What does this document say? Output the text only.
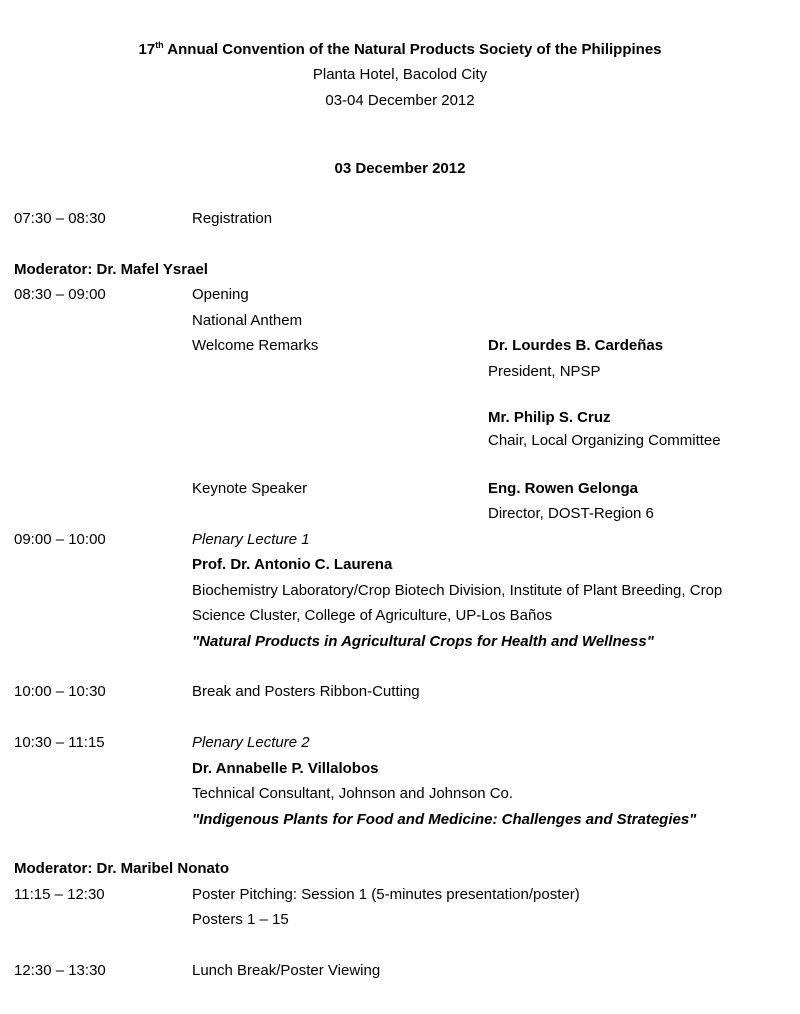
17th Annual Convention of the Natural Products Society of the Philippines
Planta Hotel, Bacolod City
03-04 December 2012
03 December 2012
07:30 – 08:30	Registration
Moderator: Dr. Mafel Ysrael
08:30 – 09:00	Opening
National Anthem
Welcome Remarks	Dr. Lourdes B. Cardeñas
President, NPSP
Mr. Philip S. Cruz
Chair, Local Organizing Committee
Keynote Speaker	Eng. Rowen Gelonga
Director, DOST-Region 6
09:00 – 10:00	Plenary Lecture 1
Prof. Dr. Antonio C. Laurena
Biochemistry Laboratory/Crop Biotech Division, Institute of Plant Breeding, Crop
Science Cluster, College of Agriculture, UP-Los Baños
"Natural Products in Agricultural Crops for Health and Wellness"
10:00 – 10:30	Break and Posters Ribbon-Cutting
10:30 – 11:15	Plenary Lecture 2
Dr. Annabelle P. Villalobos
Technical Consultant, Johnson and Johnson Co.
"Indigenous Plants for Food and Medicine: Challenges and Strategies"
Moderator: Dr. Maribel Nonato
11:15 – 12:30	Poster Pitching: Session 1 (5-minutes presentation/poster)
Posters 1 – 15
12:30 – 13:30	Lunch Break/Poster Viewing
